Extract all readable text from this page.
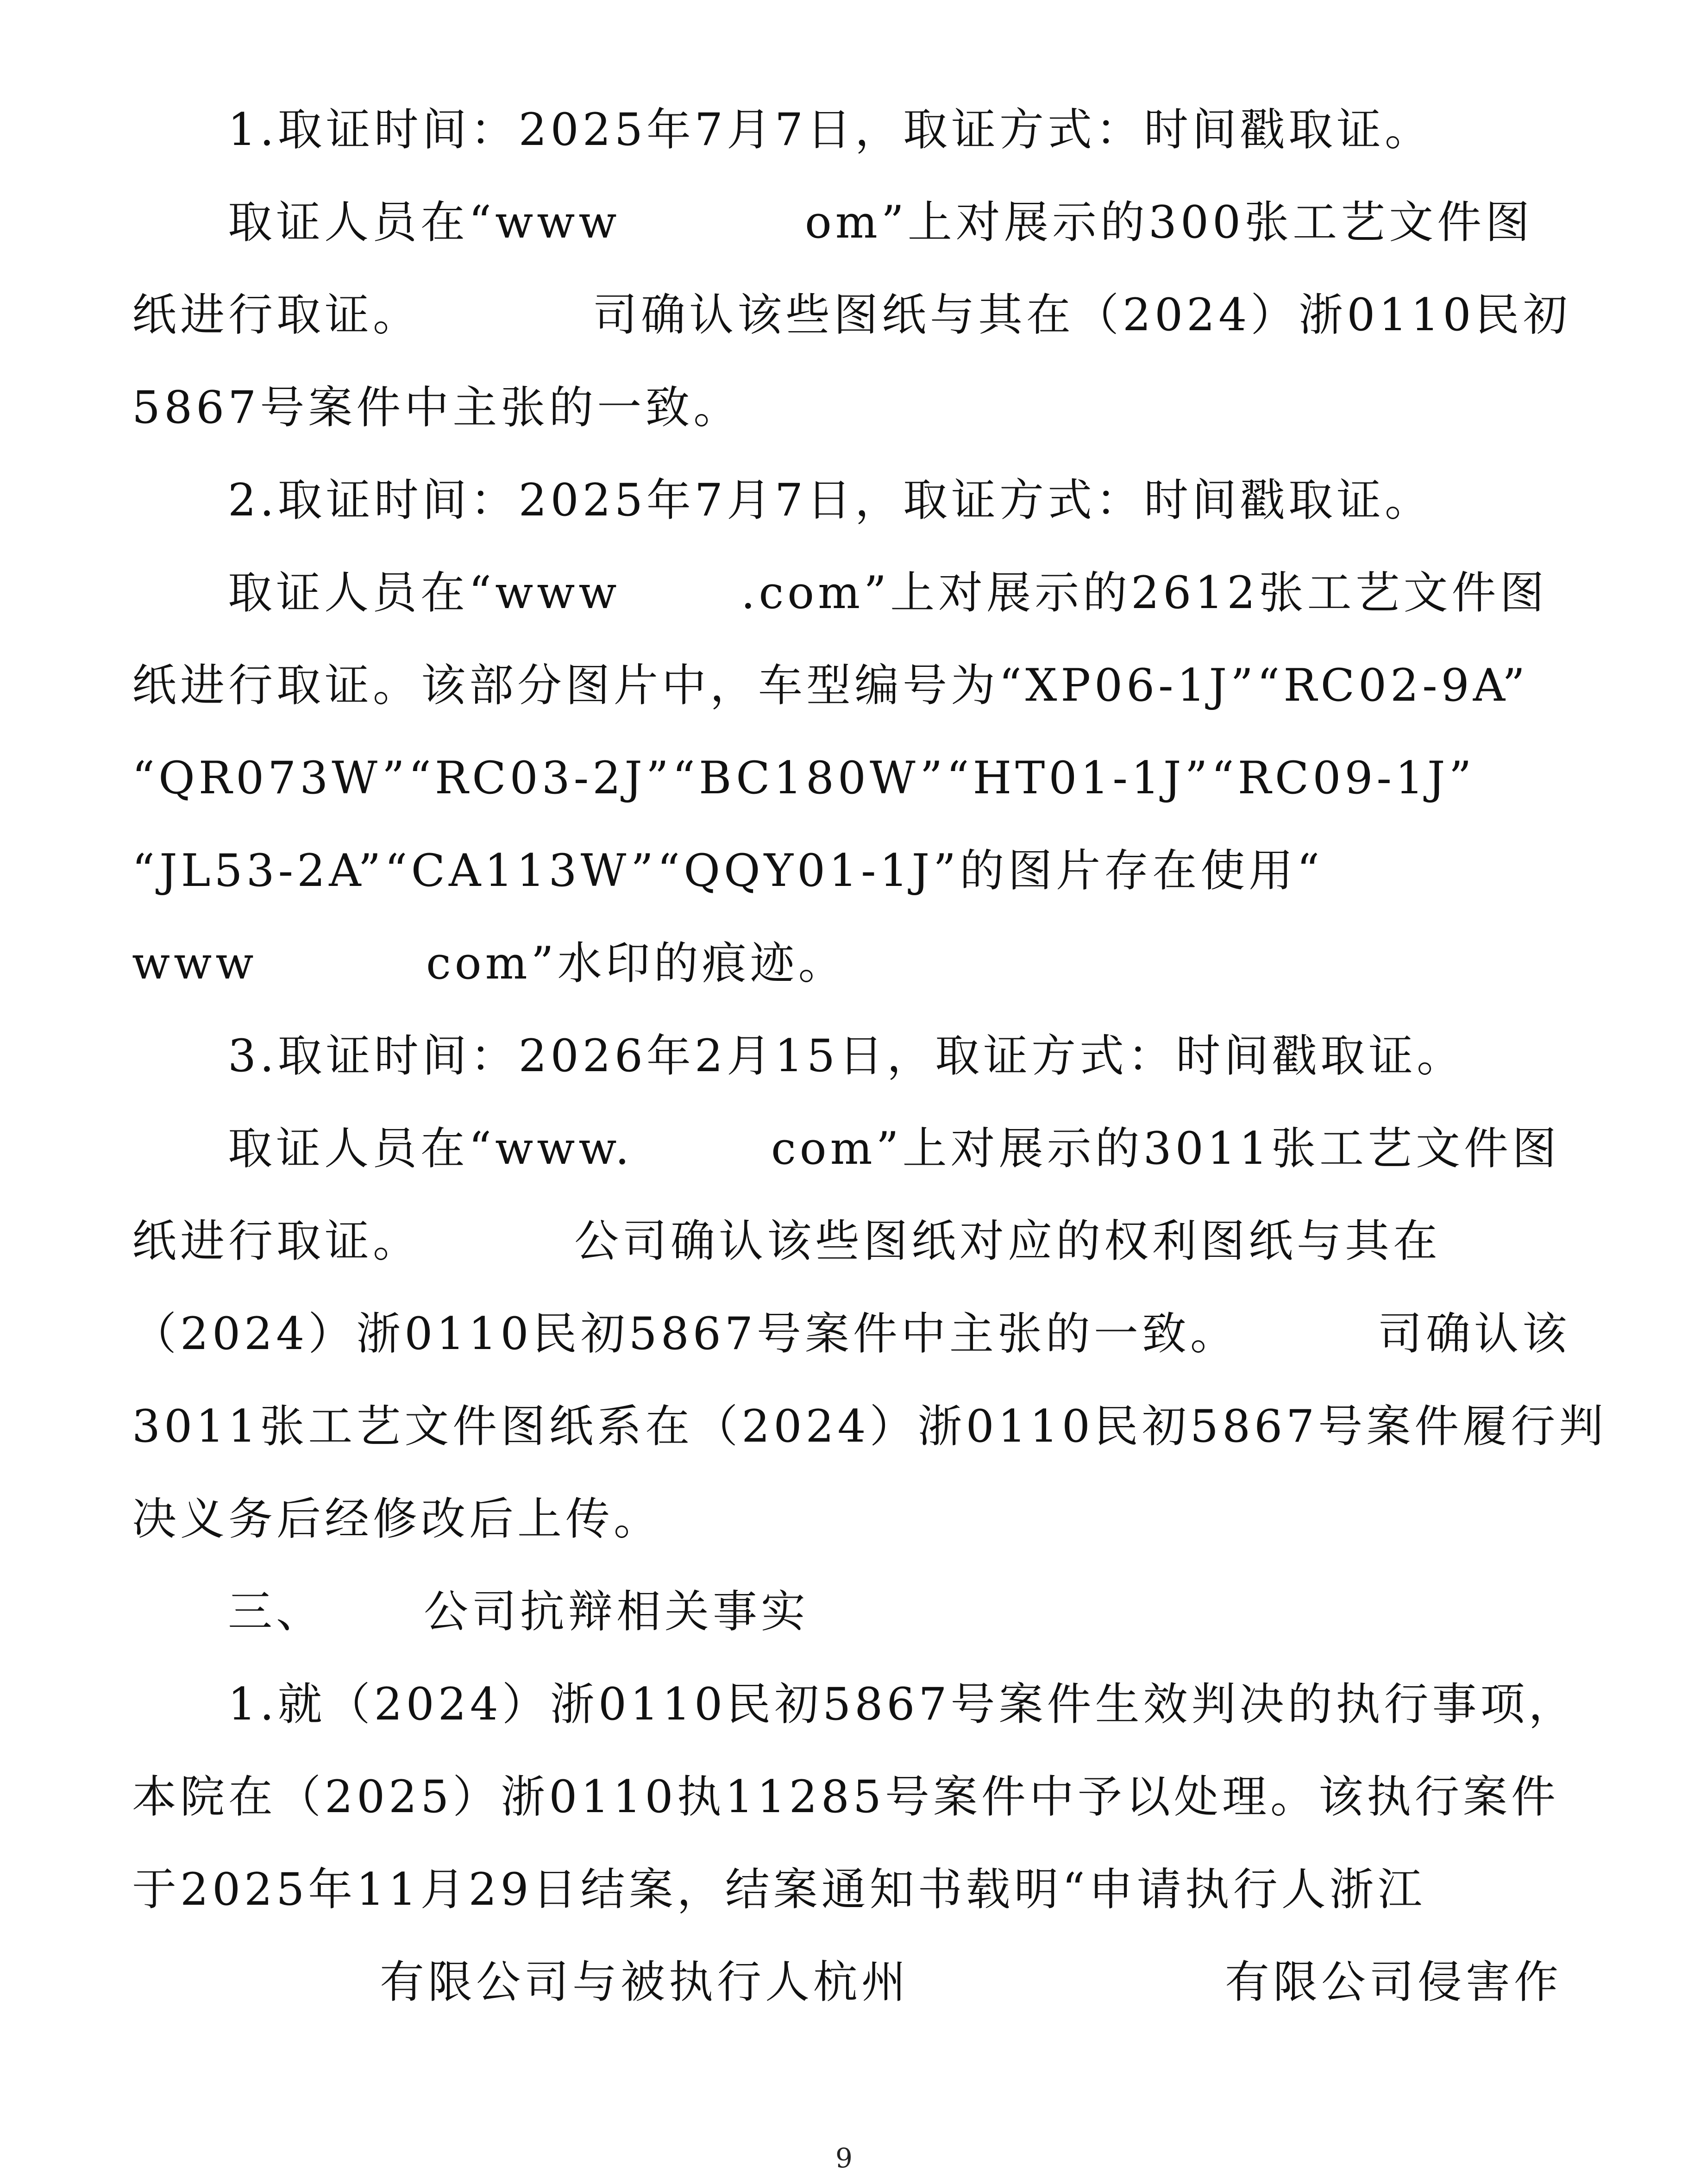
1.取证时间：2025年7月7日，取证方式：时间戳取证。

取证人员在“www

	om”上对展示的300张工艺文件图

纸进行取证。

	司确认该些图纸与其在（2024）浙0110民初

5867号案件中主张的一致。

2.取证时间：2025年7月7日，取证方式：时间戳取证。

取证人员在“www

	.com”上对展示的2612张工艺文件图

纸进行取证。该部分图片中，车型编号为“XP06-1J”“RC02-9A”

“QR073W”“RC03-2J”“BC180W”“HT01-1J”“RC09-1J”

“JL53-2A”“CA113W”“QQY01-1J”的图片存在使用“

www

	com”水印的痕迹。

3.取证时间：2026年2月15日，取证方式：时间戳取证。

取证人员在“www.

	com”上对展示的3011张工艺文件图

纸进行取证。

	公司确认该些图纸对应的权利图纸与其在

（2024）浙0110民初5867号案件中主张的一致。

	司确认该

3011张工艺文件图纸系在（2024）浙0110民初5867号案件履行判

决义务后经修改后上传。

三、

公司抗辩相关事实

1.就（2024）浙0110民初5867号案件生效判决的执行事项，

本院在（2025）浙0110执11285号案件中予以处理。该执行案件

于2025年11月29日结案，结案通知书载明“申请执行人浙江

有限公司与被执行人杭州

	有限公司侵害作

9
